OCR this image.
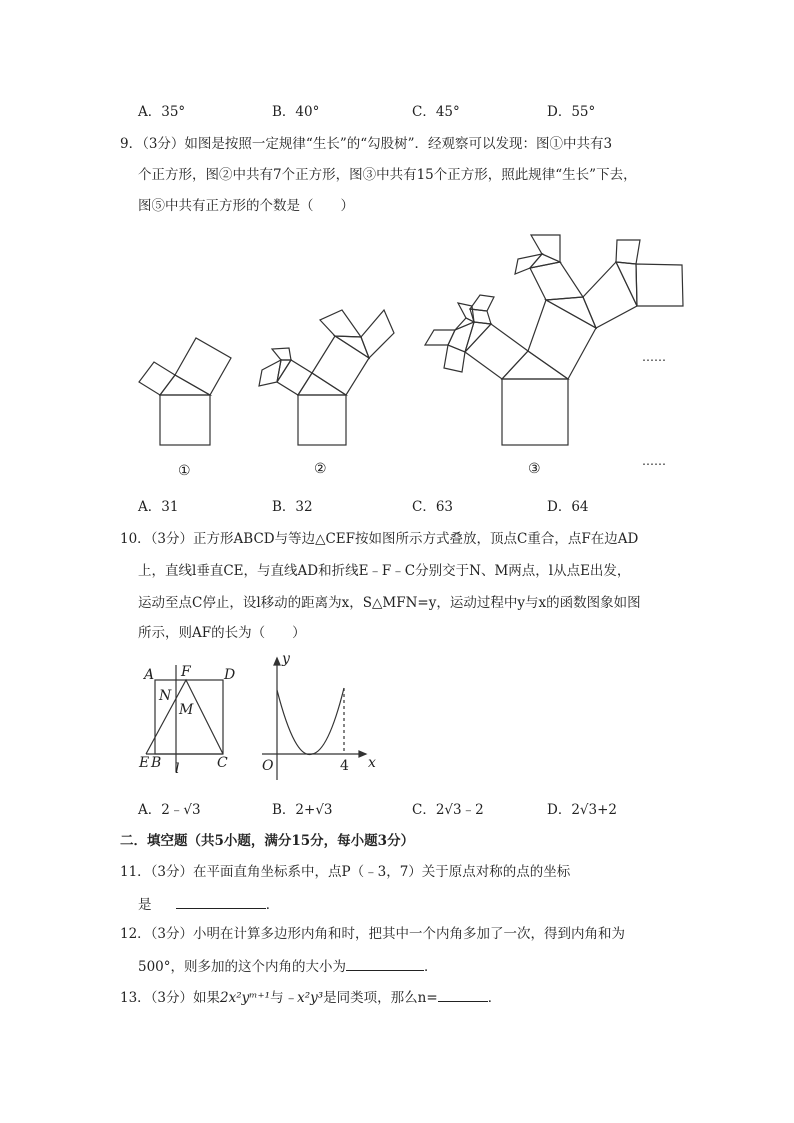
A．35°	B．40°	C．45°	D．55°
9．（3分）如图是按照一定规律“生长”的“勾股树”．经观察可以发现：图①中共有3
个正方形，图②中共有7个正方形，图③中共有15个正方形，照此规律“生长”下去，
图⑤中共有正方形的个数是（　　）
①	②	③
……
……
A．31	B．32	C．63	D．64
10．（3分）正方形ABCD与等边△CEF按如图所示方式叠放，顶点C重合，点F在边AD
上，直线l垂直CE，与直线AD和折线E﹣F﹣C分别交于N、M两点，l从点E出发，
运动至点C停止，设l移动的距离为x，S△MFN=y，运动过程中y与x的函数图象如图
所示，则AF的长为（　　）
A F D
N
M
E B l	C
y
O	4 x
A．2﹣√3	B．2+√3	C．2√3﹣2	D．2√3+2
二．填空题（共5小题，满分15分，每小题3分）
11．（3分）在平面直角坐标系中，点P（﹣3，7）关于原点对称的点的坐标
是	．
12．（3分）小明在计算多边形内角和时，把其中一个内角多加了一次，得到内角和为
500°，则多加的这个内角的大小为	．
13．（3分）如果2x²yᵐ⁺¹与﹣x²y³是同类项，那么n=	．
